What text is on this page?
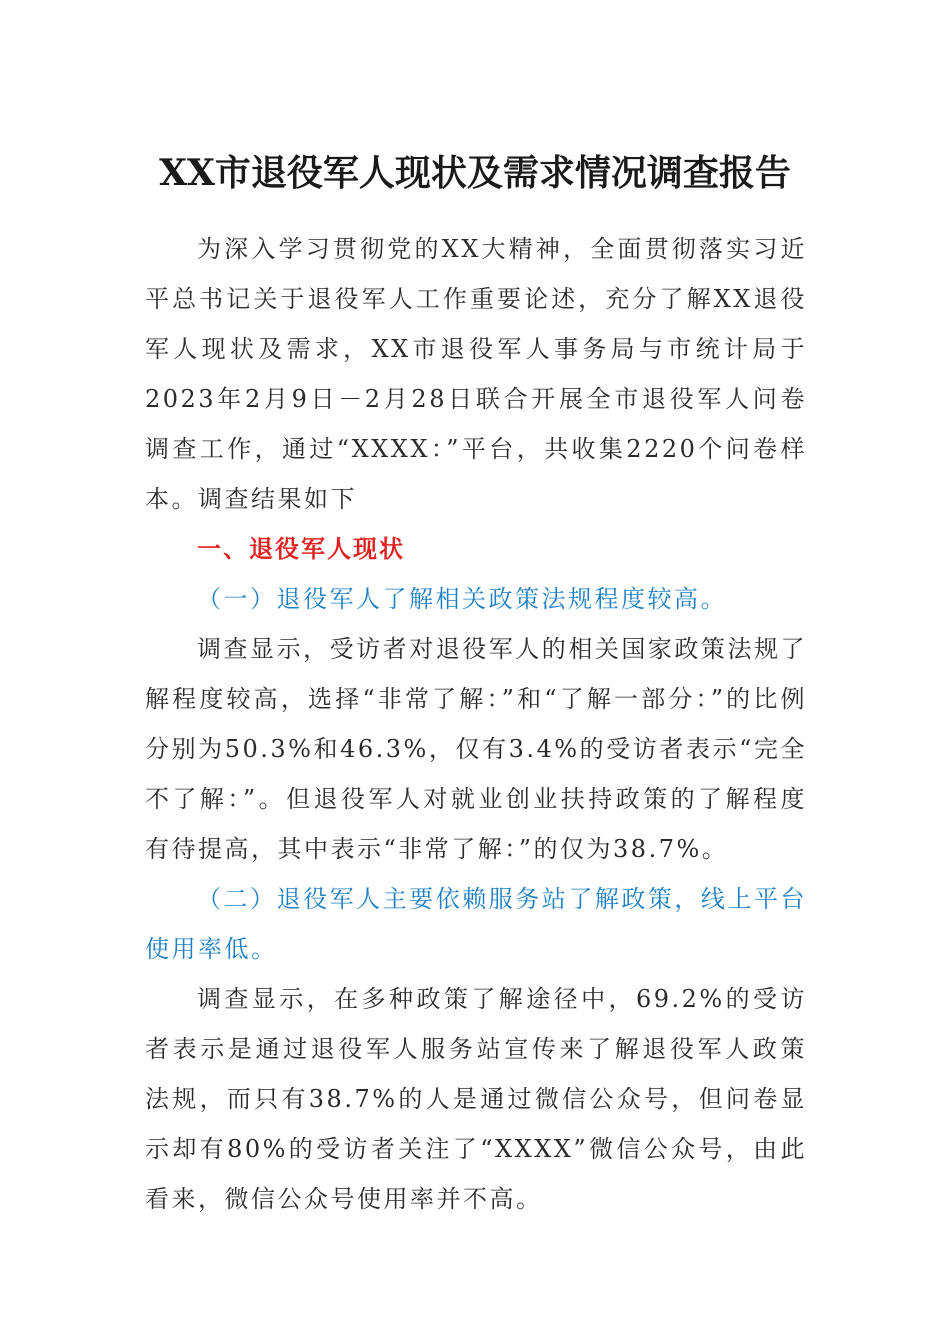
XX市退役军人现状及需求情况调查报告

为深入学习贯彻党的XX大精神，全面贯彻落实习近平总书记关于退役军人工作重要论述，充分了解XX退役军人现状及需求，XX市退役军人事务局与市统计局于2023年2月9日－2月28日联合开展全市退役军人问卷调查工作，通过“XXXX：”平台，共收集2220个问卷样本。调查结果如下

一、退役军人现状

（一）退役军人了解相关政策法规程度较高。

调查显示，受访者对退役军人的相关国家政策法规了解程度较高，选择“非常了解：”和“了解一部分：”的比例分别为50.3%和46.3%，仅有3.4%的受访者表示“完全不了解：”。但退役军人对就业创业扶持政策的了解程度有待提高，其中表示“非常了解：”的仅为38.7%。

（二）退役军人主要依赖服务站了解政策，线上平台使用率低。

调查显示，在多种政策了解途径中，69.2%的受访者表示是通过退役军人服务站宣传来了解退役军人政策法规，而只有38.7%的人是通过微信公众号，但问卷显示却有80%的受访者关注了“XXXX”微信公众号，由此看来，微信公众号使用率并不高。
